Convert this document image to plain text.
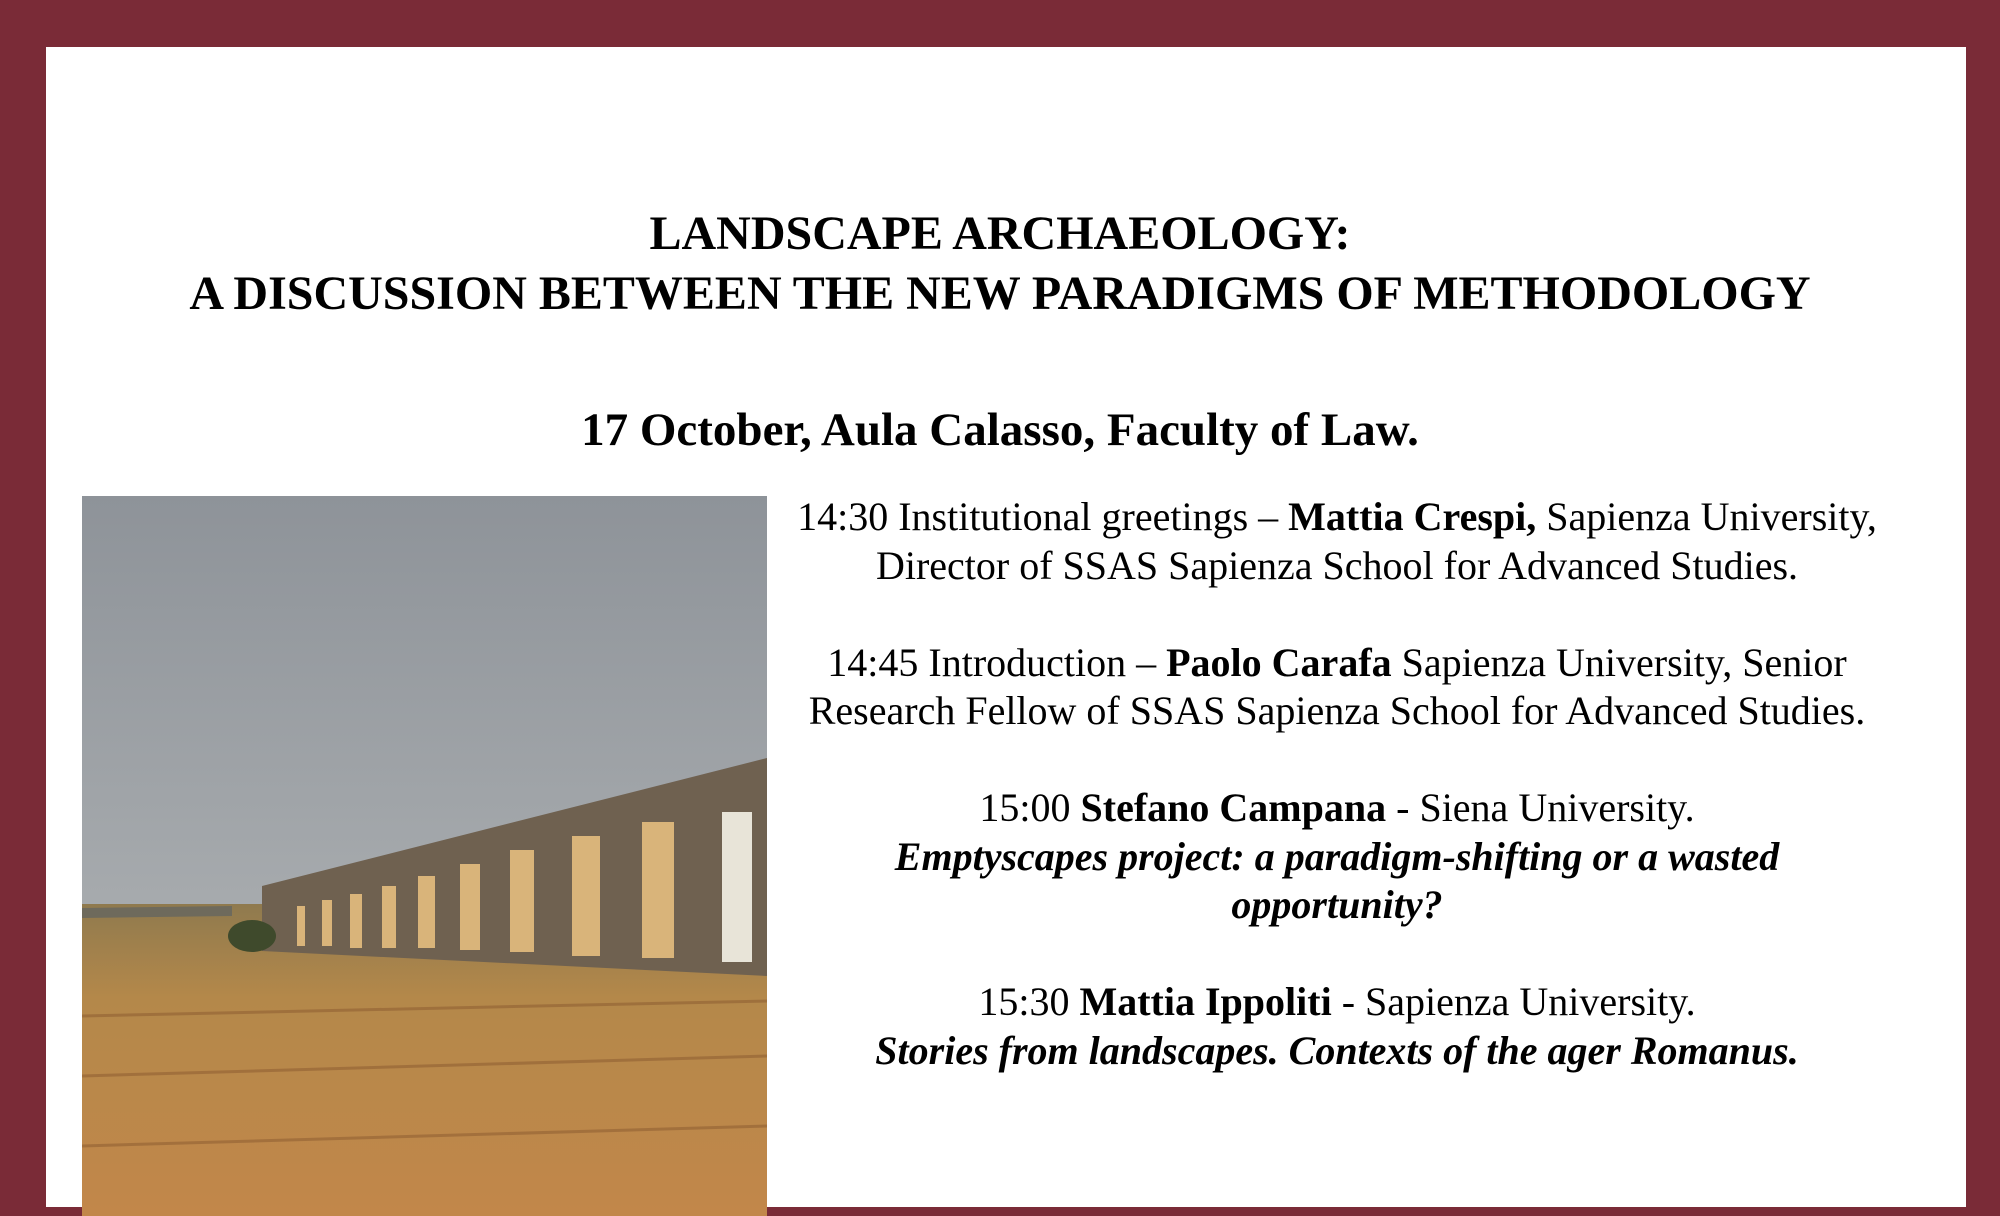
LANDSCAPE ARCHAEOLOGY:
A DISCUSSION BETWEEN THE NEW PARADIGMS OF METHODOLOGY
17 October, Aula Calasso, Faculty of Law.
14:30 Institutional greetings – Mattia Crespi, Sapienza University, Director of SSAS Sapienza School for Advanced Studies.
14:45 Introduction – Paolo Carafa Sapienza University, Senior Research Fellow of SSAS Sapienza School for Advanced Studies.
15:00 Stefano Campana - Siena University.
Emptyscapes project: a paradigm-shifting or a wasted opportunity?
15:30 Mattia Ippoliti - Sapienza University.
Stories from landscapes. Contexts of the ager Romanus.
